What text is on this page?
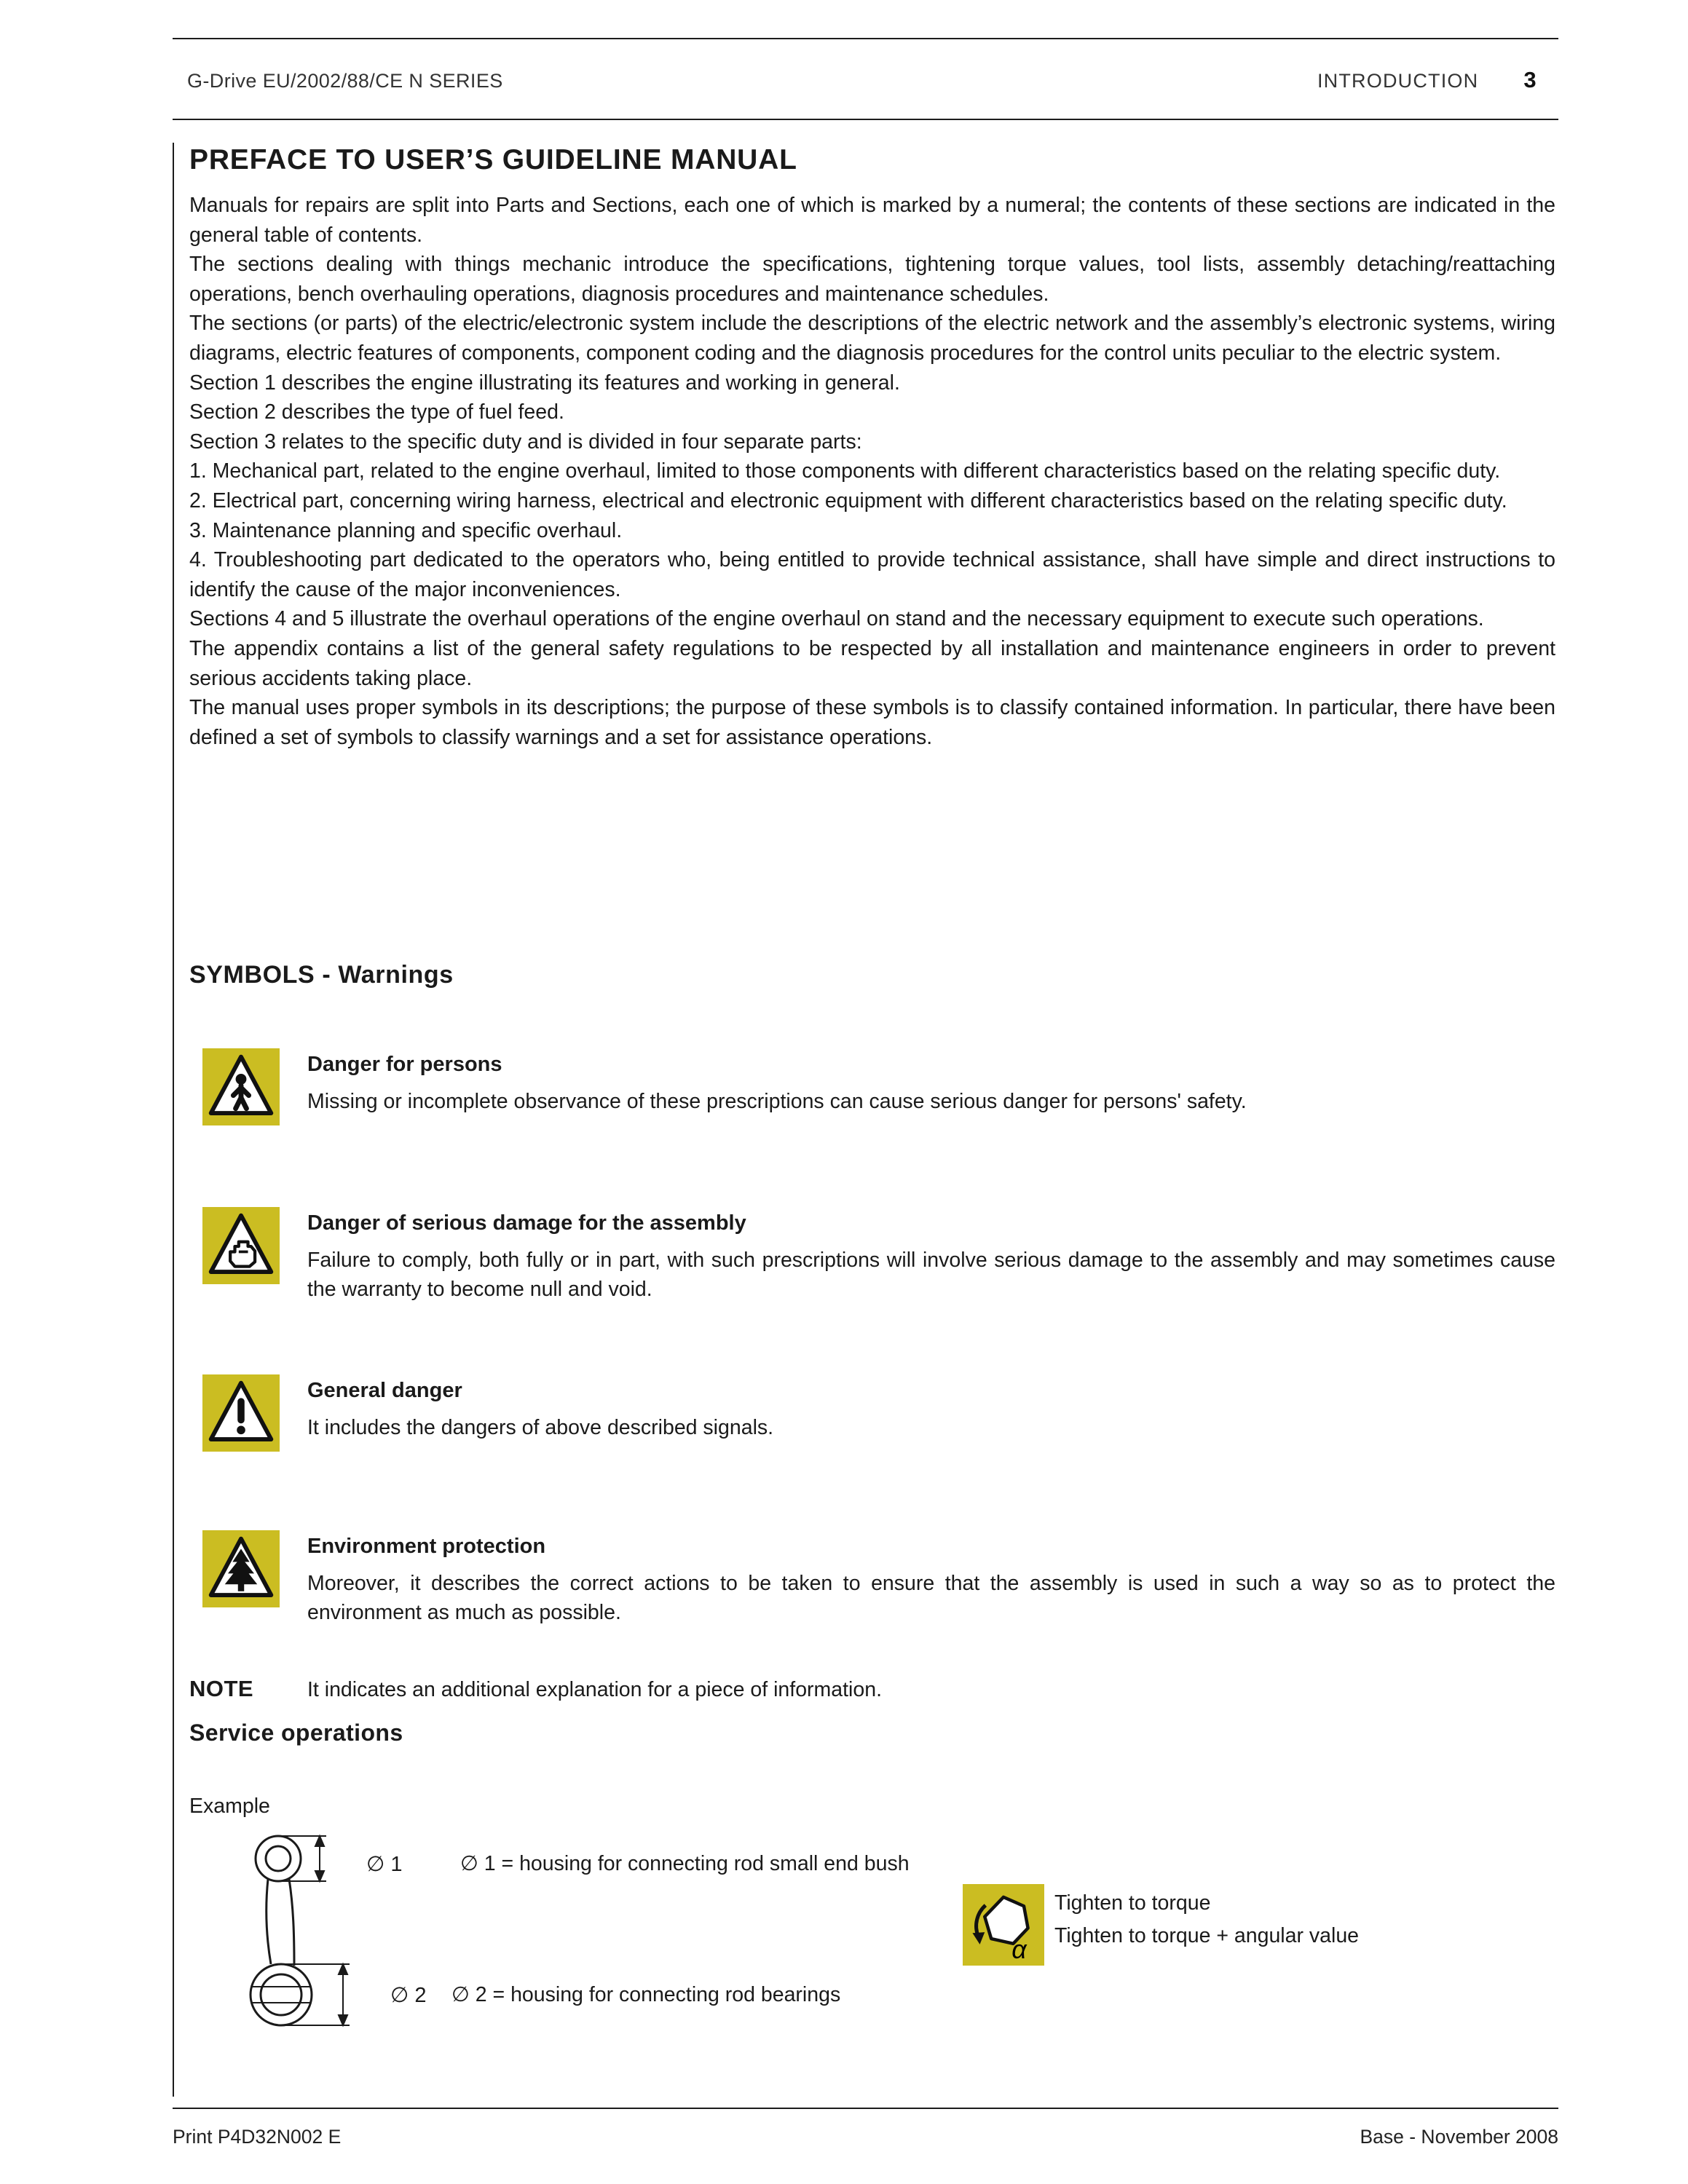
G-Drive EU/2002/88/CE N SERIES	INTRODUCTION 3
PREFACE TO USER’S GUIDELINE MANUAL

Manuals for repairs are split into Parts and Sections, each one of which is marked by a numeral; the contents of these sections are indicated in the general table of contents.

The sections dealing with things mechanic introduce the specifications, tightening torque values, tool lists, assembly detaching/reattaching operations, bench overhauling operations, diagnosis procedures and maintenance schedules.

The sections (or parts) of the electric/electronic system include the descriptions of the electric network and the assembly’s electronic systems, wiring diagrams, electric features of components, component coding and the diagnosis procedures for the control units peculiar to the electric system.

Section 1 describes the engine illustrating its features and working in general.

Section 2 describes the type of fuel feed.

Section 3 relates to the specific duty and is divided in four separate parts:

1. Mechanical part, related to the engine overhaul, limited to those components with different characteristics based on the relating specific duty.

2. Electrical part, concerning wiring harness, electrical and electronic equipment with different characteristics based on the relating specific duty.

3. Maintenance planning and specific overhaul.

4. Troubleshooting part dedicated to the operators who, being entitled to provide technical assistance, shall have simple and direct instructions to identify the cause of the major inconveniences.

Sections 4 and 5 illustrate the overhaul operations of the engine overhaul on stand and the necessary equipment to execute such operations.

The appendix contains a list of the general safety regulations to be respected by all installation and maintenance engineers in order to prevent serious accidents taking place.

The manual uses proper symbols in its descriptions; the purpose of these symbols is to classify contained information. In particular, there have been defined a set of symbols to classify warnings and a set for assistance operations.

SYMBOLS - Warnings
Danger for persons
Missing or incomplete observance of these prescriptions can cause serious danger for persons' safety.
Danger of serious damage for the assembly
Failure to comply, both fully or in part, with such prescriptions will involve serious damage to the assembly and may sometimes cause the warranty to become null and void.
General danger
It includes the dangers of above described signals.
Environment protection
Moreover, it describes the correct actions to be taken to ensure that the assembly is used in such a way so as to protect the environment as much as possible.
NOTE	It indicates an additional explanation for a piece of information.
Service operations
Example
∅ 1	∅ 1 = housing for connecting rod small end bush
∅ 2 ∅ 2 = housing for connecting rod bearings
α
Tighten to torque
Tighten to torque + angular value
Print P4D32N002 E	Base - November 2008
